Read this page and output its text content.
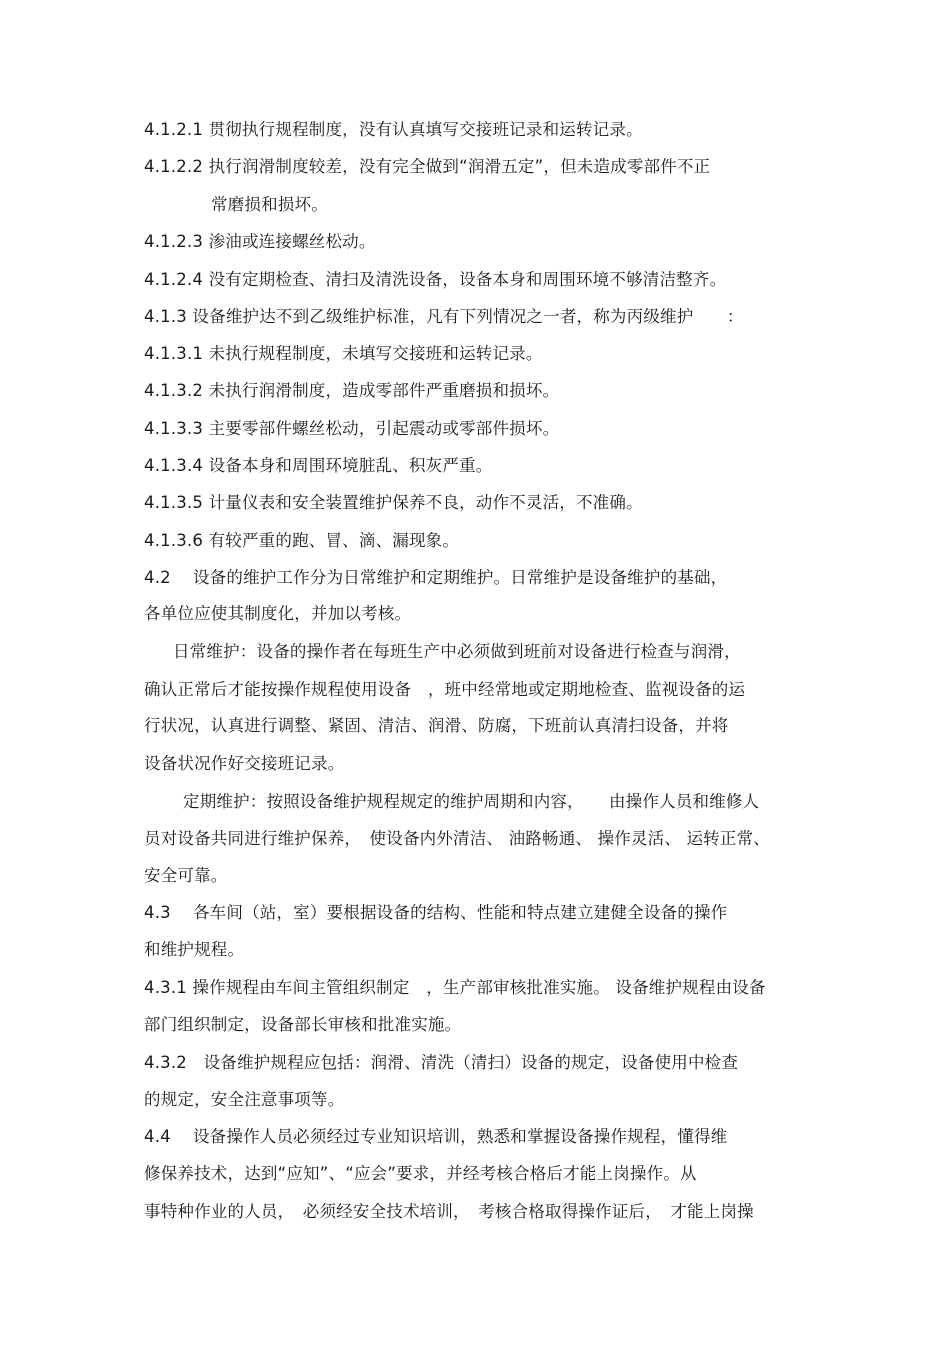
4.1.2.1 贯彻执行规程制度，没有认真填写交接班记录和运转记录。
4.1.2.2 执行润滑制度较差，没有完全做到“润滑五定”，但未造成零部件不正
常磨损和损坏。
4.1.2.3 渗油或连接螺丝松动。
4.1.2.4 没有定期检查、清扫及清洗设备，设备本身和周围环境不够清洁整齐。
4.1.3 设备维护达不到乙级维护标准，凡有下列情况之一者，称为丙级维护　　：
4.1.3.1 未执行规程制度，未填写交接班和运转记录。
4.1.3.2 未执行润滑制度，造成零部件严重磨损和损坏。
4.1.3.3 主要零部件螺丝松动，引起震动或零部件损坏。
4.1.3.4 设备本身和周围环境脏乱、积灰严重。
4.1.3.5 计量仪表和安全装置维护保养不良，动作不灵活，不准确。
4.1.3.6 有较严重的跑、冒、滴、漏现象。
4.2　 设备的维护工作分为日常维护和定期维护。日常维护是设备维护的基础，
各单位应使其制度化，并加以考核。
日常维护：设备的操作者在每班生产中必须做到班前对设备进行检查与润滑，
确认正常后才能按操作规程使用设备　，班中经常地或定期地检查、监视设备的运
行状况，认真进行调整、紧固、清洁、润滑、防腐，下班前认真清扫设备，并将
设备状况作好交接班记录。
定期维护：按照设备维护规程规定的维护周期和内容，　　由操作人员和维修人
员对设备共同进行维护保养，　使设备内外清洁、 油路畅通、 操作灵活、 运转正常、
安全可靠。
4.3　 各车间（站，室）要根据设备的结构、性能和特点建立建健全设备的操作
和维护规程。
4.3.1 操作规程由车间主管组织制定　，生产部审核批准实施。 设备维护规程由设备
部门组织制定，设备部长审核和批准实施。
4.3.2　设备维护规程应包括：润滑、清洗（清扫）设备的规定，设备使用中检查
的规定，安全注意事项等。
4.4　 设备操作人员必须经过专业知识培训，熟悉和掌握设备操作规程，懂得维
修保养技术，达到“应知”、“应会”要求，并经考核合格后才能上岗操作。从
事特种作业的人员，　必须经安全技术培训，　考核合格取得操作证后，　才能上岗操
